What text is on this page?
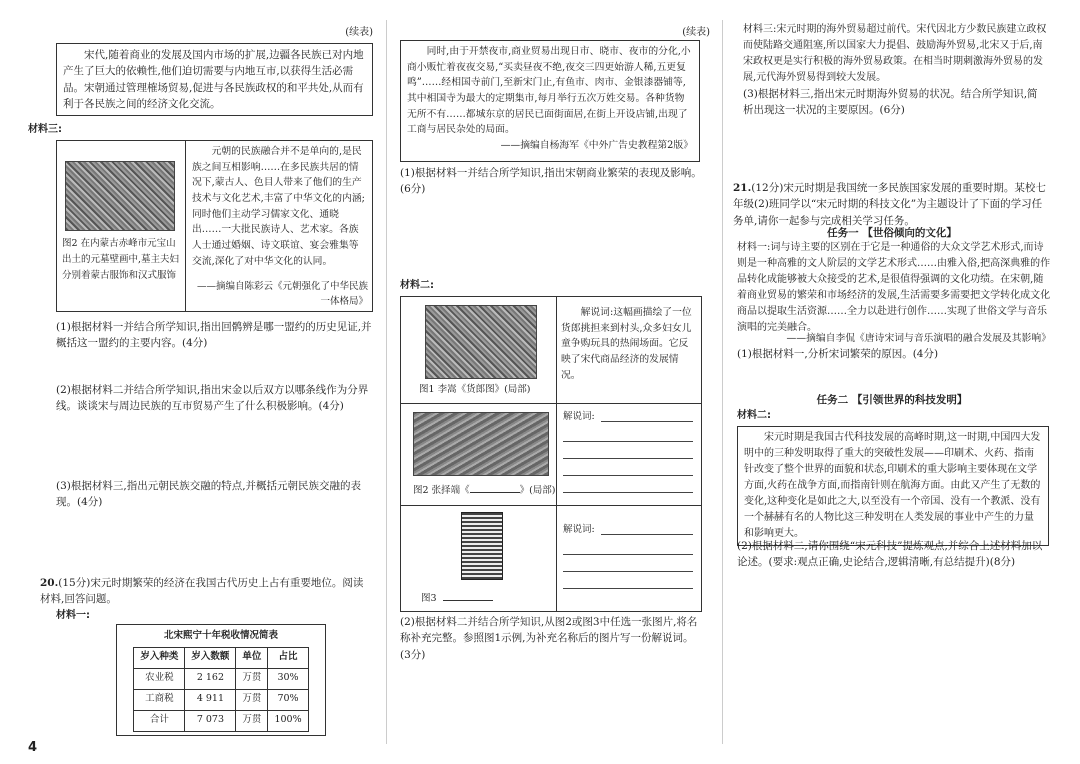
(续表)
宋代,随着商业的发展及国内市场的扩展,边疆各民族已对内地产生了巨大的依赖性,他们迫切需要与内地互市,以获得生活必需品。宋朝通过管理榷场贸易,促进与各民族政权的和平共处,从而有利于各民族之间的经济文化交流。
材料三:
图2 在内蒙古赤峰市元宝山出土的元墓壁画中,墓主夫妇分别着蒙古服饰和汉式服饰
元朝的民族融合并不是单向的,是民族之间互相影响……在多民族共居的情况下,蒙古人、色目人带来了他们的生产技术与文化艺术,丰富了中华文化的内涵;同时他们主动学习儒家文化、通晓出……一大批民族诗人、艺术家。各族人士通过婚姻、诗文联谊、宴会雅集等交流,深化了对中华文化的认同。
——摘编自陈彩云《元朝强化了中华民族一体格局》
(1)根据材料一并结合所学知识,指出回鹘辨是哪一盟约的历史见证,并概括这一盟约的主要内容。(4分)
(2)根据材料二并结合所学知识,指出宋金以后双方以哪条线作为分界线。谈谈宋与周边民族的互市贸易产生了什么积极影响。(4分)
(3)根据材料三,指出元朝民族交融的特点,并概括元朝民族交融的表现。(4分)
20.(15分)宋元时期繁荣的经济在我国古代历史上占有重要地位。阅读材料,回答问题。
材料一:
北宋熙宁十年税收情况简表
岁入种类	岁入数额	单位	占比
农业税	2 162	万贯	30%
工商税	4 911	万贯	70%
合计	7 073	万贯	100%
4
(续表)
同时,由于开禁夜市,商业贸易出现日市、晓市、夜市的分化,小商小贩忙着夜夜交易,“买卖昼夜不绝,夜交三四更始游人稀,五更复鸣”……经相国寺前门,至新宋门止,有鱼市、肉市、金银漆器铺等,其中相国寺为最大的定期集市,每月举行五次万姓交易。各种货物无所不有……都城东京的居民已面街面居,在街上开设店铺,出现了工商与居民杂处的局面。
——摘编自杨海军《中外广告史教程第2版》
(1)根据材料一并结合所学知识,指出宋朝商业繁荣的表现及影响。(6分)
材料二:
图1 李嵩《货郎图》(局部)
解说词:这幅画描绘了一位货郎挑担来到村头,众多妇女儿童争购玩具的热闹场面。它反映了宋代商品经济的发展情况。
图2 张择端《	》(局部)
解说词:
图3
解说词:
(2)根据材料二并结合所学知识,从图2或图3中任选一张图片,将名称补充完整。参照图1示例,为补充名称后的图片写一份解说词。(3分)
材料三:宋元时期的海外贸易超过前代。宋代因北方少数民族建立政权而使陆路交通阻塞,所以国家大力提倡、鼓励海外贸易,北宋又于后,南宋政权更是实行积极的海外贸易政策。在相当时期刺激海外贸易的发展,元代海外贸易得到较大发展。
(3)根据材料三,指出宋元时期海外贸易的状况。结合所学知识,简析出现这一状况的主要原因。(6分)
21.(12分)宋元时期是我国统一多民族国家发展的重要时期。某校七年级(2)班同学以“宋元时期的科技文化”为主题设计了下面的学习任务单,请你一起参与完成相关学习任务。
任务一 【世俗倾向的文化】
材料一:词与诗主要的区别在于它是一种通俗的大众文学艺术形式,而诗则是一种高雅的文人阶层的文学艺术形式……由雅入俗,把高深典雅的作品转化成能够被大众接受的艺术,是很值得强调的文化功绩。在宋朝,随着商业贸易的繁荣和市场经济的发展,生活需要多需要把文学转化成文化商品以提取生活资源……全力以赴进行创作……实现了世俗文学与音乐演唱的完美融合。
——摘编自李侃《唐诗宋词与音乐演唱的融合发展及其影响》
(1)根据材料一,分析宋词繁荣的原因。(4分)
任务二 【引领世界的科技发明】
材料二:
宋元时期是我国古代科技发展的高峰时期,这一时期,中国四大发明中的三种发明取得了重大的突破性发展——印刷术、火药、指南针改变了整个世界的面貌和状态,印刷术的重大影响主要体现在文学方面,火药在战争方面,而指南针则在航海方面。由此又产生了无数的变化,这种变化是如此之大,以至没有一个帝国、没有一个教派、没有一个赫赫有名的人物比这三种发明在人类发展的事业中产生的力量和影响更大。
(2)根据材料二,请你围绕“宋元科技”提炼观点,并综合上述材料加以论述。(要求:观点正确,史论结合,逻辑清晰,有总结提升)(8分)
